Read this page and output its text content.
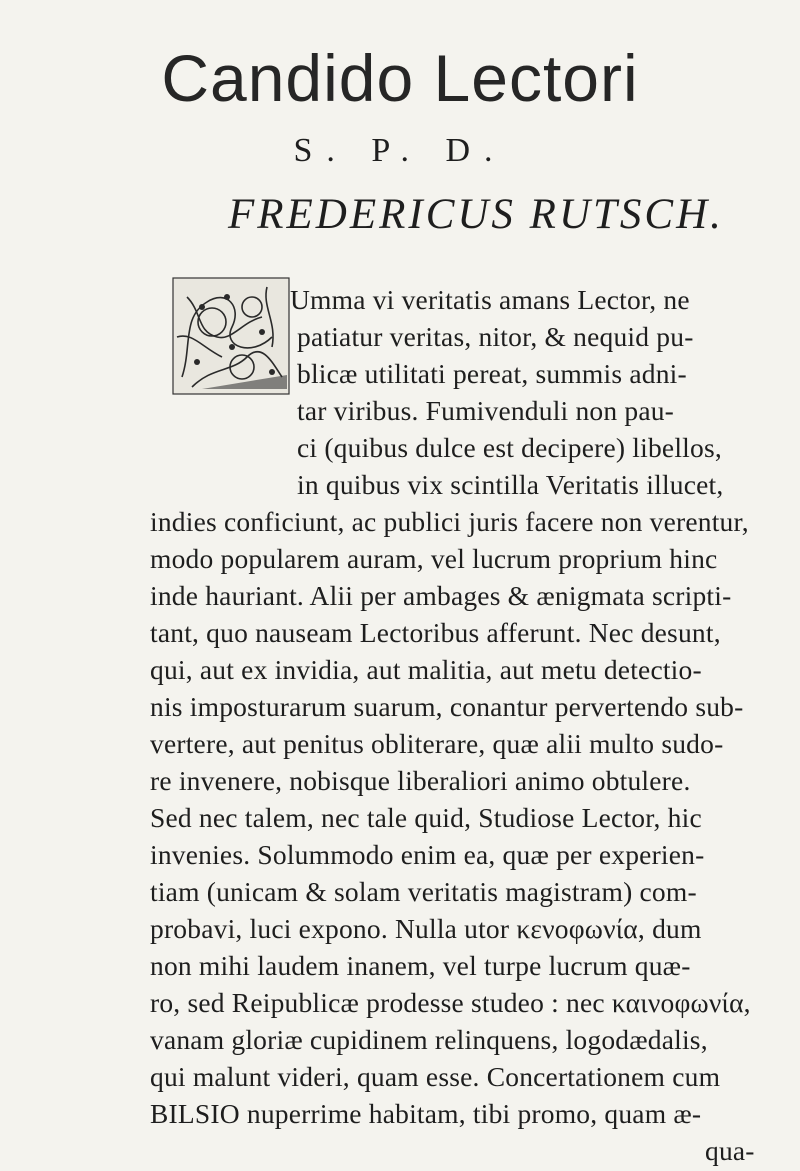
Candido Lectori
S. P. D.
FREDERICUS RUTSCH.
Umma vi veritatis amans Lector, ne
patiatur veritas, nitor, & nequid pu-
blicæ utilitati pereat, summis adni-
tar viribus. Fumivenduli non pau-
ci (quibus dulce est decipere) libellos,
in quibus vix scintilla Veritatis illucet,
indies conficiunt, ac publici juris facere non verentur,
modo popularem auram, vel lucrum proprium hinc
inde hauriant. Alii per ambages & ænigmata scripti-
tant, quo nauseam Lectoribus afferunt. Nec desunt,
qui, aut ex invidia, aut malitia, aut metu detectio-
nis imposturarum suarum, conantur pervertendo sub-
vertere, aut penitus obliterare, quæ alii multo sudo-
re invenere, nobisque liberaliori animo obtulere.
Sed nec talem, nec tale quid, Studiose Lector, hic
invenies. Solummodo enim ea, quæ per experien-
tiam (unicam & solam veritatis magistram) com-
probavi, luci expono. Nulla utor κενοφωνία, dum
non mihi laudem inanem, vel turpe lucrum quæ-
ro, sed Reipublicæ prodesse studeo : nec καινοφωνία,
vanam gloriæ cupidinem relinquens, logodædalis,
qui malunt videri, quam esse. Concertationem cum
BILSIO nuperrime habitam, tibi promo, quam æ-
qua-
